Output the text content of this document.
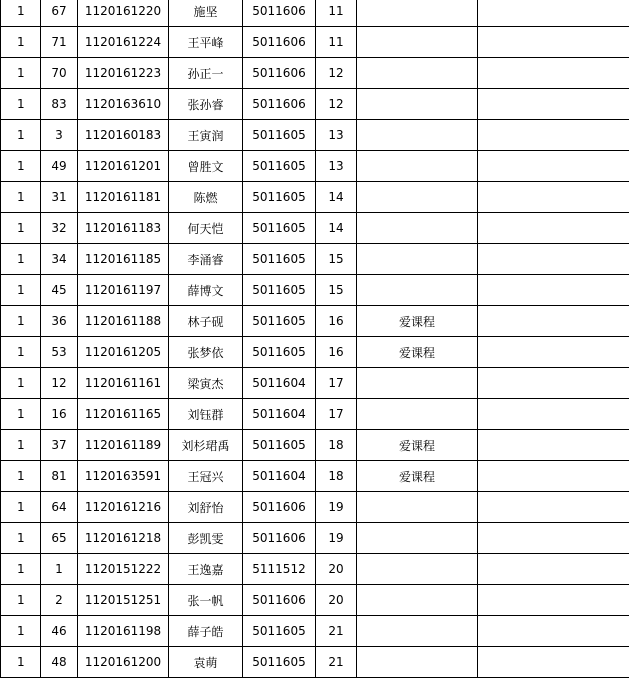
1	67	1120161220	施坚	5011606	11		
1	71	1120161224	王平峰	5011606	11		
1	70	1120161223	孙正一	5011606	12		
1	83	1120163610	张孙睿	5011606	12		
1	3	1120160183	王寅润	5011605	13		
1	49	1120161201	曾胜文	5011605	13		
1	31	1120161181	陈燃	5011605	14		
1	32	1120161183	何天恺	5011605	14		
1	34	1120161185	李涌睿	5011605	15		
1	45	1120161197	薛博文	5011605	15		
1	36	1120161188	林子砚	5011605	16	爱课程	
1	53	1120161205	张梦依	5011605	16	爱课程	
1	12	1120161161	梁寅杰	5011604	17		
1	16	1120161165	刘钰群	5011604	17		
1	37	1120161189	刘杉珺禹	5011605	18	爱课程	
1	81	1120163591	王冠兴	5011604	18	爱课程	
1	64	1120161216	刘舒怡	5011606	19		
1	65	1120161218	彭凯雯	5011606	19		
1	1	1120151222	王逸嘉	5111512	20		
1	2	1120151251	张一帆	5011606	20		
1	46	1120161198	薛子皓	5011605	21		
1	48	1120161200	袁萌	5011605	21		
